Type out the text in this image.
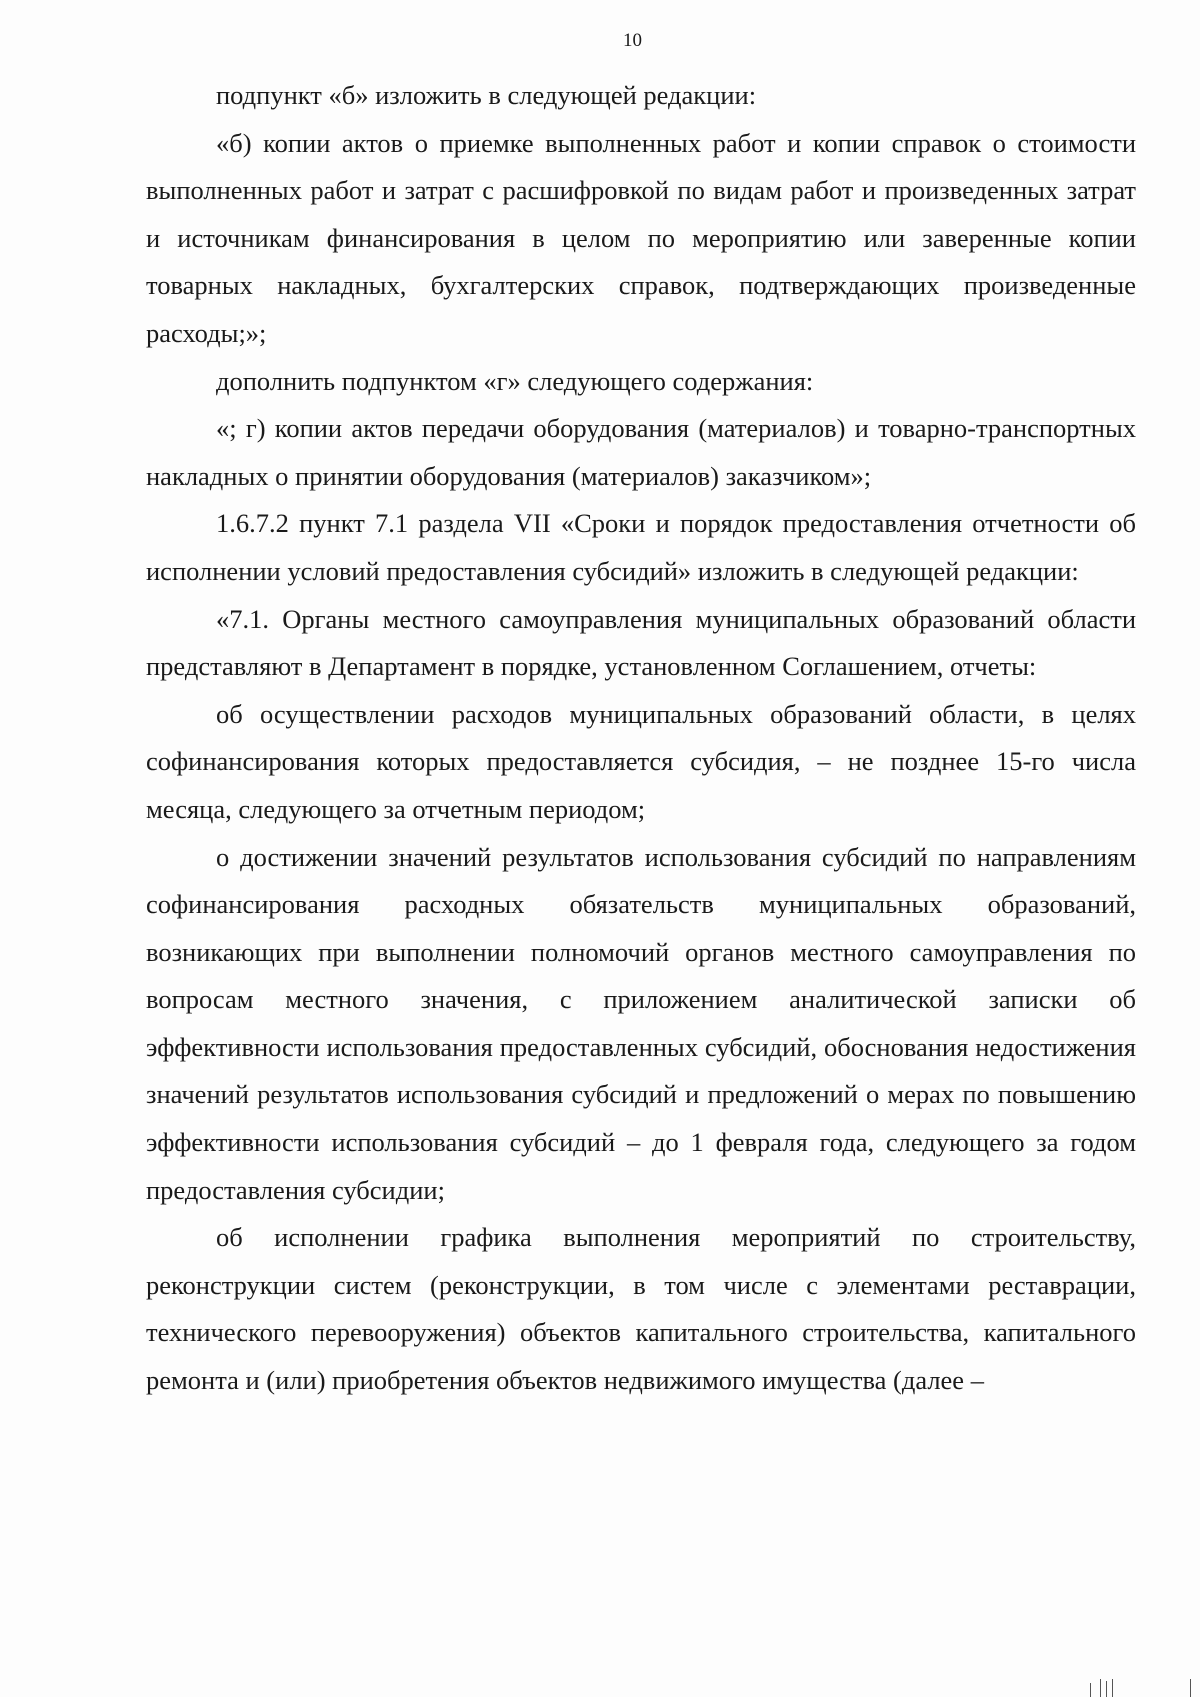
10

подпункт «б» изложить в следующей редакции:

«б) копии актов о приемке выполненных работ и копии справок о стоимости выполненных работ и затрат с расшифровкой по видам работ и произведенных затрат и источникам финансирования в целом по мероприятию или заверенные копии товарных накладных, бухгалтерских справок, подтверждающих произведенные расходы;»;

дополнить подпунктом «г» следующего содержания:

«; г) копии актов передачи оборудования (материалов) и товарно-транспортных накладных о принятии оборудования (материалов) заказчиком»;

1.6.7.2 пункт 7.1 раздела VII «Сроки и порядок предоставления отчетности об исполнении условий предоставления субсидий» изложить в следующей редакции:

«7.1. Органы местного самоуправления муниципальных образований области представляют в Департамент в порядке, установленном Соглашением, отчеты:

об осуществлении расходов муниципальных образований области, в целях софинансирования которых предоставляется субсидия, – не позднее 15-го числа месяца, следующего за отчетным периодом;

о достижении значений результатов использования субсидий по направлениям софинансирования расходных обязательств муниципальных образований, возникающих при выполнении полномочий органов местного самоуправления по вопросам местного значения, с приложением аналитической записки об эффективности использования предоставленных субсидий, обоснования недостижения значений результатов использования субсидий и предложений о мерах по повышению эффективности использования субсидий – до 1 февраля года, следующего за годом предоставления субсидии;

об исполнении графика выполнения мероприятий по строительству, реконструкции систем (реконструкции, в том числе с элементами реставрации, технического перевооружения) объектов капитального строительства, капитального ремонта и (или) приобретения объектов недвижимого имущества (далее –
